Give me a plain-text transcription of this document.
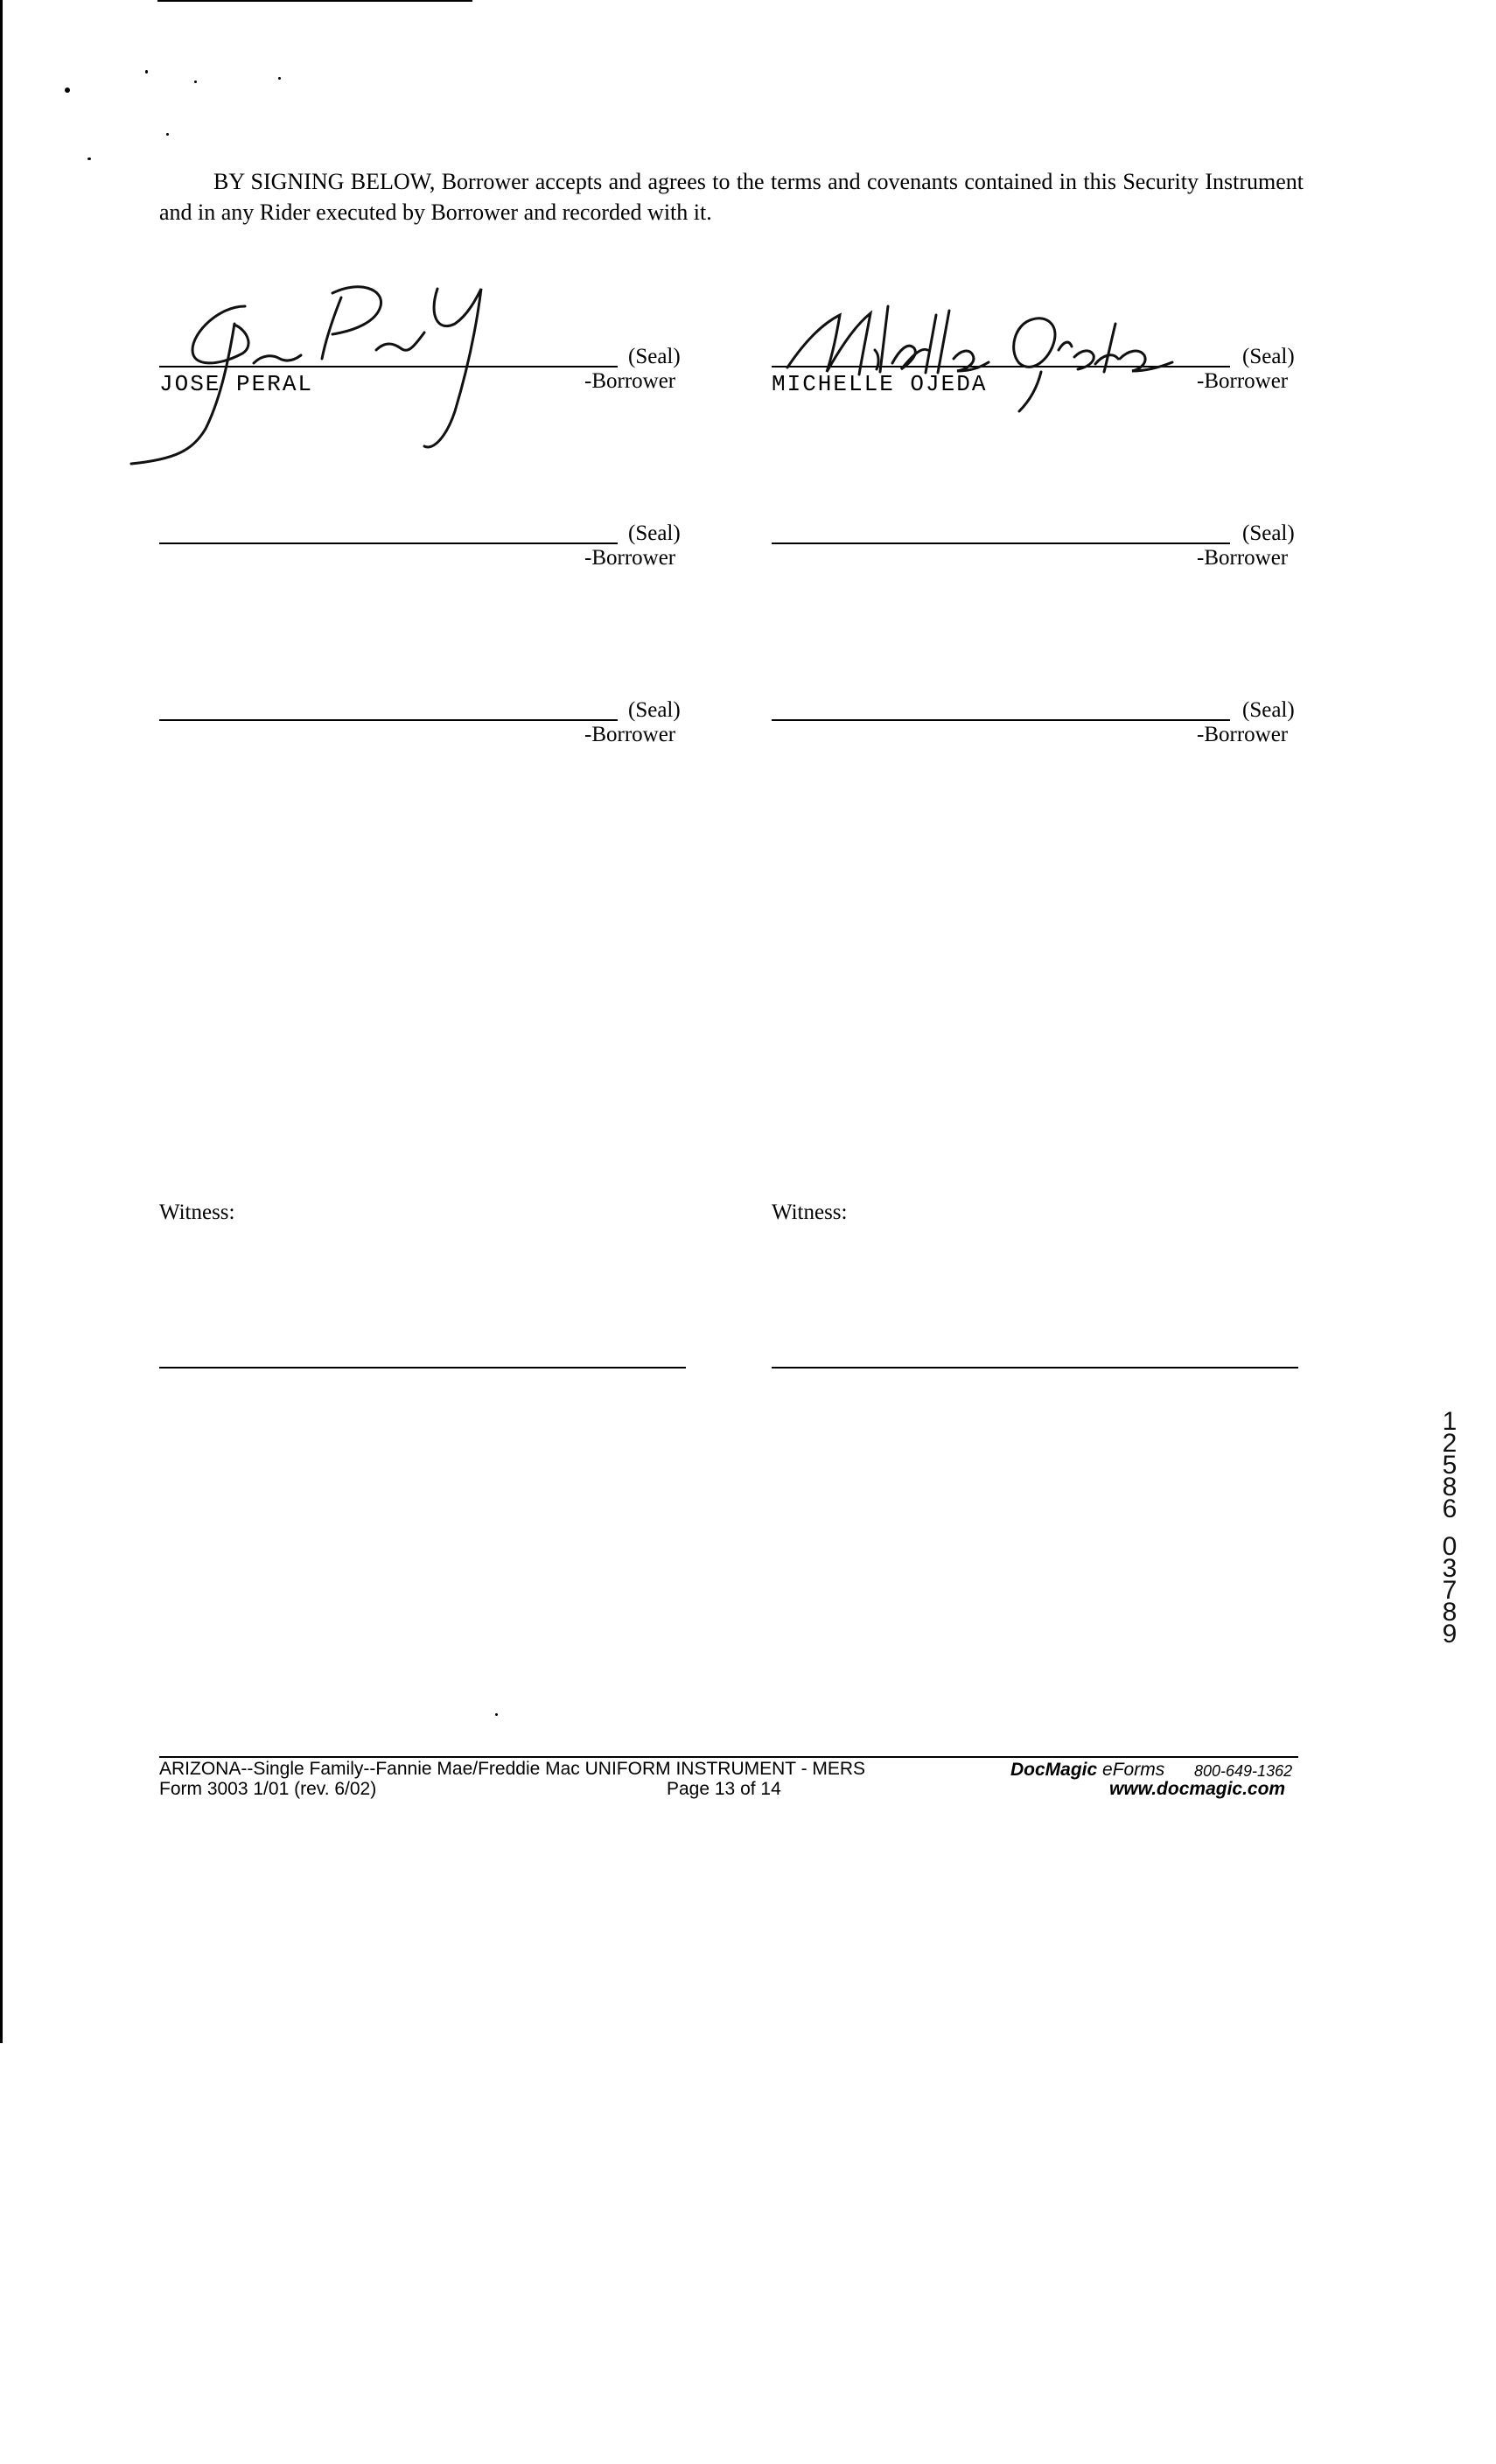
BY SIGNING BELOW, Borrower accepts and agrees to the terms and covenants contained in this Security Instrument and in any Rider executed by Borrower and recorded with it.
(Seal)
JOSE PERAL	-Borrower
(Seal)
MICHELLE OJEDA	-Borrower
(Seal)
-Borrower
(Seal)
-Borrower
(Seal)
-Borrower
(Seal)
-Borrower
Witness:	Witness:
12586
03789
ARIZONA--Single Family--Fannie Mae/Freddie Mac UNIFORM INSTRUMENT - MERS
Form 3003 1/01 (rev. 6/02)	Page 13 of 14
DocMagic eForms 800-649-1362
www.docmagic.com
